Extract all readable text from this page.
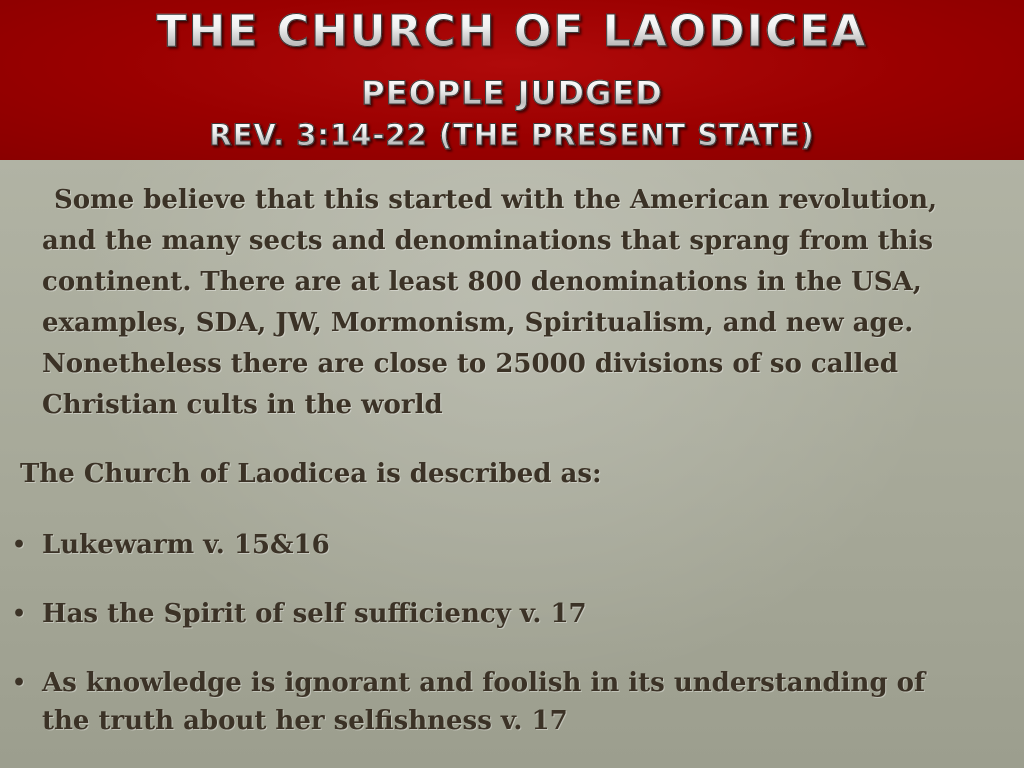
THE CHURCH OF LAODICEA
PEOPLE JUDGED
REV. 3:14-22 (THE PRESENT STATE)
Some believe that this started with the American revolution, and the many sects and denominations that sprang from this continent. There are at least 800 denominations in the USA, examples, SDA, JW, Mormonism, Spiritualism, and new age. Nonetheless there are close to 25000 divisions of so called Christian cults in the world
The Church of Laodicea is described as:
• Lukewarm v. 15&16
• Has the Spirit of self sufficiency v. 17
• As knowledge is ignorant and foolish in its understanding of the truth about her selfishness v. 17
